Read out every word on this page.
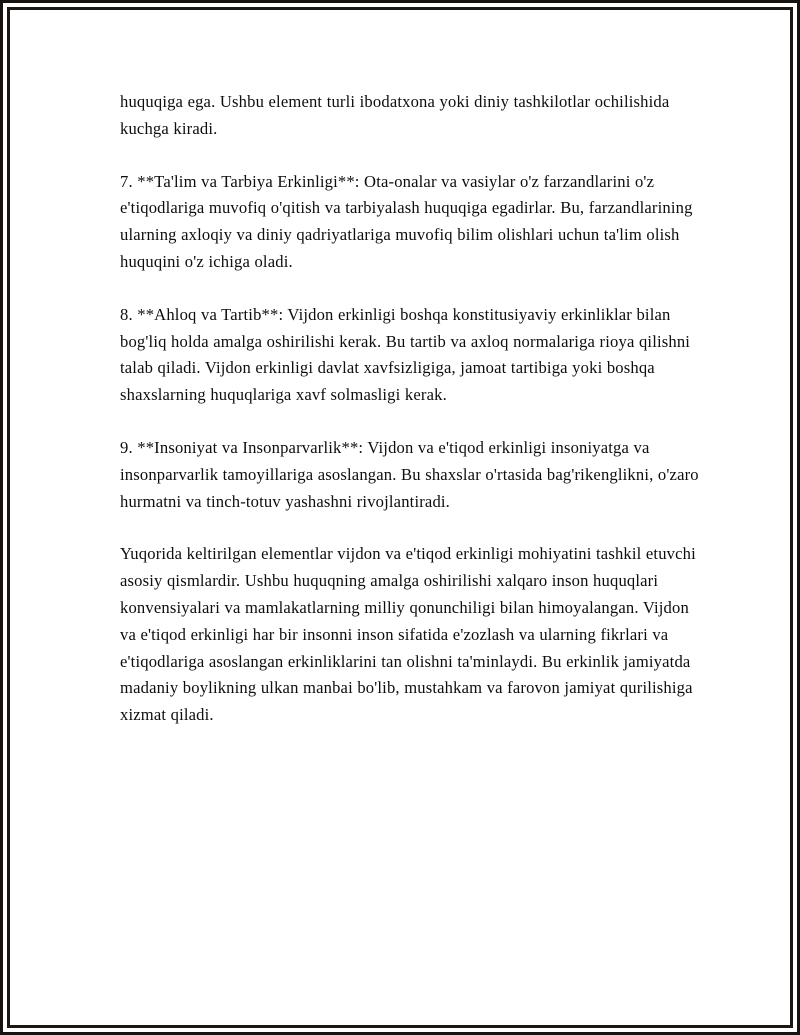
huquqiga ega. Ushbu element turli ibodatxona yoki diniy tashkilotlar ochilishida kuchga kiradi.

7. **Ta'lim va Tarbiya Erkinligi**: Ota-onalar va vasiylar o'z farzandlarini o'z e'tiqodlariga muvofiq o'qitish va tarbiyalash huquqiga egadirlar. Bu, farzandlarining ularning axloqiy va diniy qadriyatlariga muvofiq bilim olishlari uchun ta'lim olish huquqini o'z ichiga oladi.

8. **Ahloq va Tartib**: Vijdon erkinligi boshqa konstitusiyaviy erkinliklar bilan bog'liq holda amalga oshirilishi kerak. Bu tartib va axloq normalariga rioya qilishni talab qiladi. Vijdon erkinligi davlat xavfsizligiga, jamoat tartibiga yoki boshqa shaxslarning huquqlariga xavf solmasligi kerak.

9. **Insoniyat va Insonparvarlik**: Vijdon va e'tiqod erkinligi insoniyatga va insonparvarlik tamoyillariga asoslangan. Bu shaxslar o'rtasida bag'rikenglikni, o'zaro hurmatni va tinch-totuv yashashni rivojlantiradi.

Yuqorida keltirilgan elementlar vijdon va e'tiqod erkinligi mohiyatini tashkil etuvchi asosiy qismlardir. Ushbu huquqning amalga oshirilishi xalqaro inson huquqlari konvensiyalari va mamlakatlarning milliy qonunchiligi bilan himoyalangan. Vijdon va e'tiqod erkinligi har bir insonni inson sifatida e'zozlash va ularning fikrlari va e'tiqodlariga asoslangan erkinliklarini tan olishni ta'minlaydi. Bu erkinlik jamiyatda madaniy boylikning ulkan manbai bo'lib, mustahkam va farovon jamiyat qurilishiga xizmat qiladi.
